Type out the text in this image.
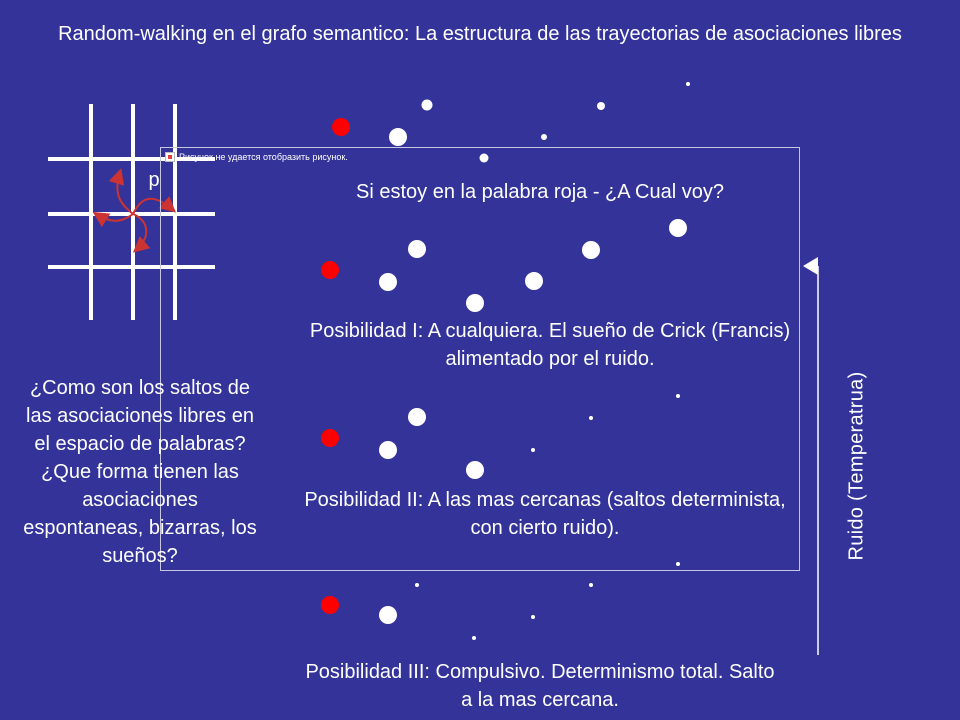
Рисунок не удается отобразить рисунок.
Random-walking en el grafo semantico: La estructura de las trayectorias de asociaciones libres
p
¿Como son los saltos de las asociaciones libres en el espacio de palabras? ¿Que forma tienen las asociaciones espontaneas, bizarras, los sueños?
Si estoy en la palabra roja - ¿A Cual voy?
Posibilidad I: A cualquiera. El sueño de Crick (Francis) alimentado por el ruido.
Posibilidad II: A las mas cercanas (saltos determinista, con cierto ruido).
Posibilidad III: Compulsivo. Determinismo total. Salto a la mas cercana.
Ruido (Temperatrua)
